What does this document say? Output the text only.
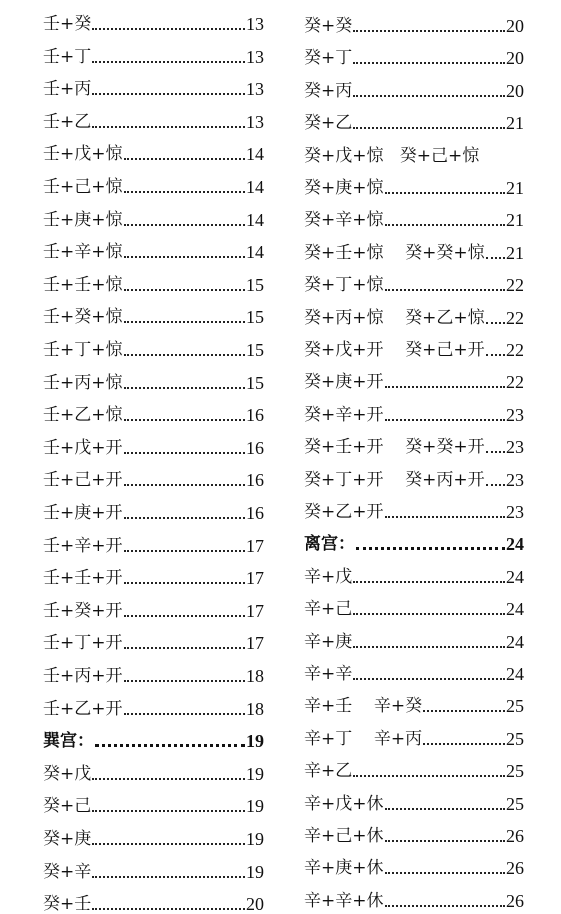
壬+癸	13
壬+丁	13
壬+丙	13
壬+乙	13
壬+戊+惊	14
壬+己+惊	14
壬+庚+惊	14
壬+辛+惊	14
壬+壬+惊	15
壬+癸+惊	15
壬+丁+惊	15
壬+丙+惊	15
壬+乙+惊	16
壬+戊+开	16
壬+己+开	16
壬+庚+开	16
壬+辛+开	17
壬+壬+开	17
壬+癸+开	17
壬+丁+开	17
壬+丙+开	18
壬+乙+开	18
巽宫：	19
癸+戊	19
癸+己	19
癸+庚	19
癸+辛	19
癸+壬	20
癸+癸	20
癸+丁	20
癸+丙	20
癸+乙	21
癸+戊+惊   癸+己+惊
癸+庚+惊	21
癸+辛+惊	21
癸+壬+惊    癸+癸+惊 21
癸+丁+惊	22
癸+丙+惊    癸+乙+惊 22
癸+戊+开    癸+己+开 22
癸+庚+开	22
癸+辛+开	23
癸+壬+开    癸+癸+开 23
癸+丁+开    癸+丙+开 23
癸+乙+开	23
离宫：	24
辛+戊	24
辛+己	24
辛+庚	24
辛+辛	24
辛+壬    辛+癸	25
辛+丁    辛+丙	25
辛+乙	25
辛+戊+休	25
辛+己+休	26
辛+庚+休	26
辛+辛+休	26
